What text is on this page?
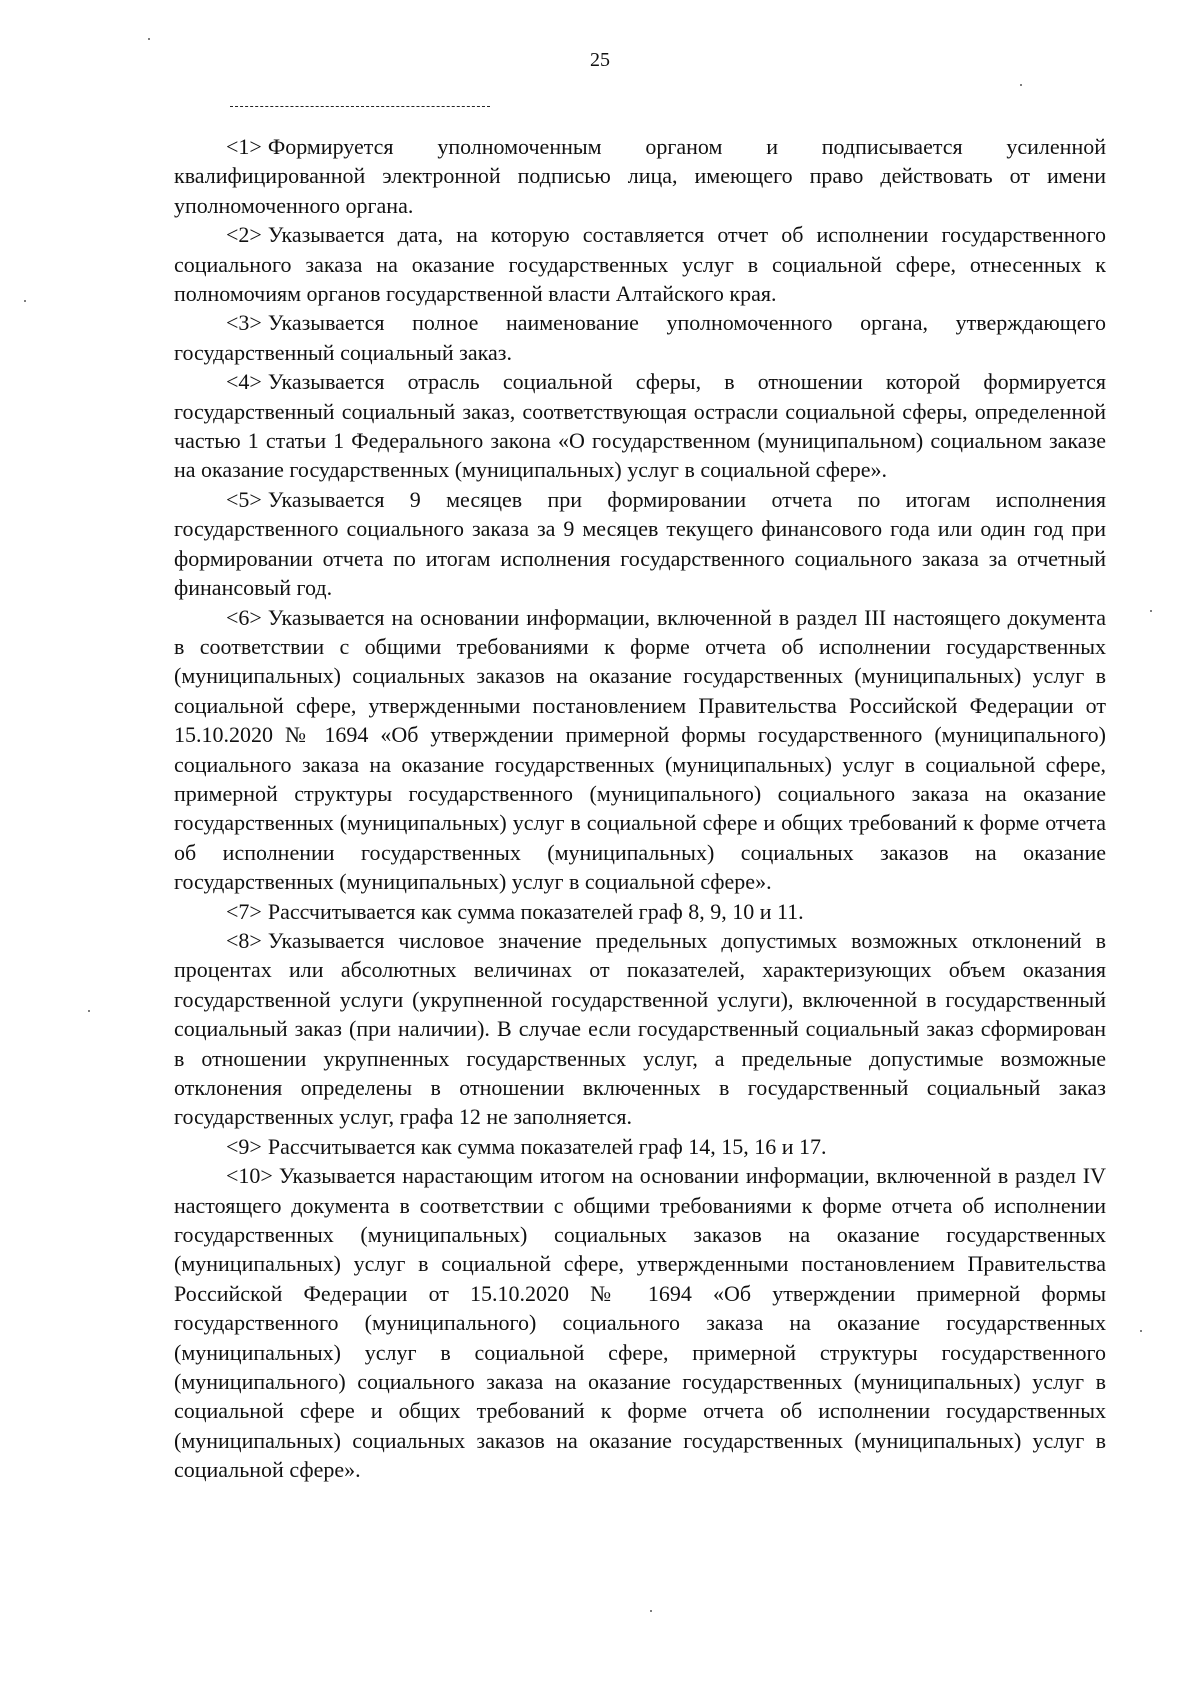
25

<1> Формируется уполномоченным органом и подписывается усиленной квалифицированной электронной подписью лица, имеющего право действовать от имени уполномоченного органа.

<2> Указывается дата, на которую составляется отчет об исполнении государственного социального заказа на оказание государственных услуг в социальной сфере, отнесенных к полномочиям органов государственной власти Алтайского края.

<3> Указывается полное наименование уполномоченного органа, утверждающего государственный социальный заказ.

<4> Указывается отрасль социальной сферы, в отношении которой формируется государственный социальный заказ, соответствующая острасли социальной сферы, определенной частью 1 статьи 1 Федерального закона «О государственном (муниципальном) социальном заказе на оказание государственных (муниципальных) услуг в социальной сфере».

<5> Указывается 9 месяцев при формировании отчета по итогам исполнения государственного социального заказа за 9 месяцев текущего финансового года или один год при формировании отчета по итогам исполнения государственного социального заказа за отчетный финансовый год.

<6> Указывается на основании информации, включенной в раздел III настоящего документа в соответствии с общими требованиями к форме отчета об исполнении государственных (муниципальных) социальных заказов на оказание государственных (муниципальных) услуг в социальной сфере, утвержденными постановлением Правительства Российской Федерации от 15.10.2020 № 1694 «Об утверждении примерной формы государственного (муниципального) социального заказа на оказание государственных (муниципальных) услуг в социальной сфере, примерной структуры государственного (муниципального) социального заказа на оказание государственных (муниципальных) услуг в социальной сфере и общих требований к форме отчета об исполнении государственных (муниципальных) социальных заказов на оказание государственных (муниципальных) услуг в социальной сфере».

<7> Рассчитывается как сумма показателей граф 8, 9, 10 и 11.

<8> Указывается числовое значение предельных допустимых возможных отклонений в процентах или абсолютных величинах от показателей, характеризующих объем оказания государственной услуги (укрупненной государственной услуги), включенной в государственный социальный заказ (при наличии). В случае если государственный социальный заказ сформирован в отношении укрупненных государственных услуг, а предельные допустимые возможные отклонения определены в отношении включенных в государственный социальный заказ государственных услуг, графа 12 не заполняется.

<9> Рассчитывается как сумма показателей граф 14, 15, 16 и 17.

<10> Указывается нарастающим итогом на основании информации, включенной в раздел IV настоящего документа в соответствии с общими требованиями к форме отчета об исполнении государственных (муниципальных) социальных заказов на оказание государственных (муниципальных) услуг в социальной сфере, утвержденными постановлением Правительства Российской Федерации от 15.10.2020 № 1694 «Об утверждении примерной формы государственного (муниципального) социального заказа на оказание государственных (муниципальных) услуг в социальной сфере, примерной структуры государственного (муниципального) социального заказа на оказание государственных (муниципальных) услуг в социальной сфере и общих требований к форме отчета об исполнении государственных (муниципальных) социальных заказов на оказание государственных (муниципальных) услуг в социальной сфере».
